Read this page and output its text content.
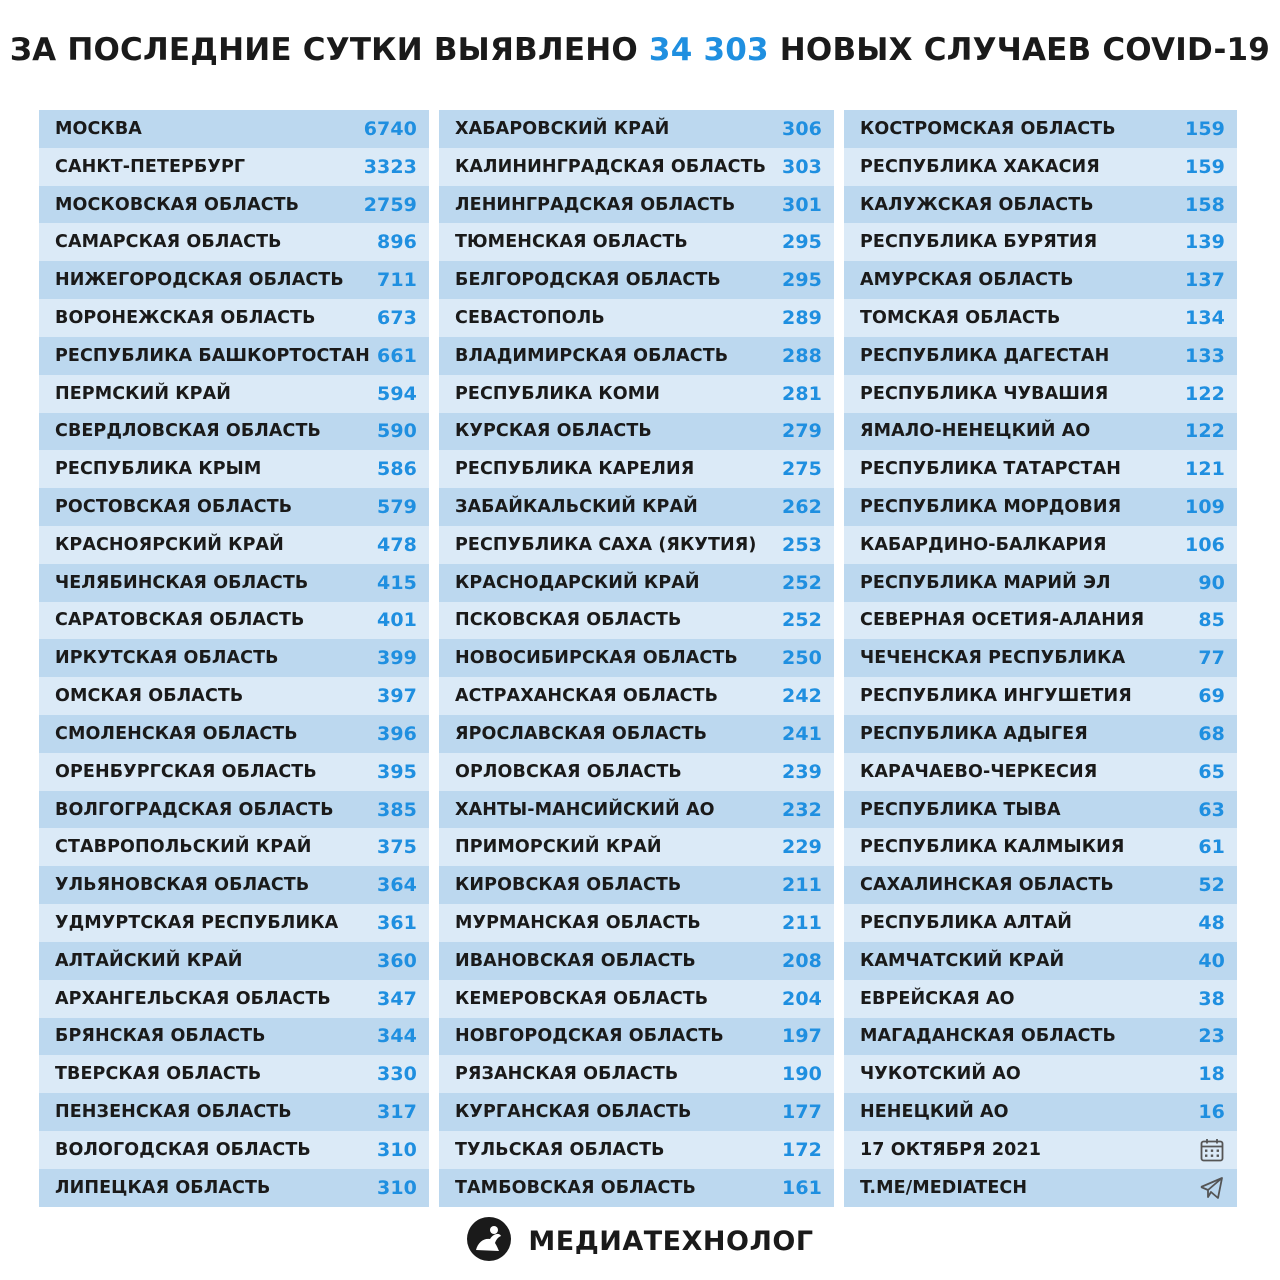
ЗА ПОСЛЕДНИЕ СУТКИ ВЫЯВЛЕНО 34 303 НОВЫХ СЛУЧАЕВ COVID-19
МОСКВА	6740
САНКТ-ПЕТЕРБУРГ	3323
МОСКОВСКАЯ ОБЛАСТЬ	2759
САМАРСКАЯ ОБЛАСТЬ	896
НИЖЕГОРОДСКАЯ ОБЛАСТЬ 711
ВОРОНЕЖСКАЯ ОБЛАСТЬ	673
РЕСПУБЛИКА БАШКОРТОСТАН 661
ПЕРМСКИЙ КРАЙ	594
СВЕРДЛОВСКАЯ ОБЛАСТЬ	590
РЕСПУБЛИКА КРЫМ	586
РОСТОВСКАЯ ОБЛАСТЬ	579
КРАСНОЯРСКИЙ КРАЙ	478
ЧЕЛЯБИНСКАЯ ОБЛАСТЬ	415
САРАТОВСКАЯ ОБЛАСТЬ	401
ИРКУТСКАЯ ОБЛАСТЬ	399
ОМСКАЯ ОБЛАСТЬ	397
СМОЛЕНСКАЯ ОБЛАСТЬ	396
ОРЕНБУРГСКАЯ ОБЛАСТЬ	395
ВОЛГОГРАДСКАЯ ОБЛАСТЬ 385
СТАВРОПОЛЬСКИЙ КРАЙ	375
УЛЬЯНОВСКАЯ ОБЛАСТЬ	364
УДМУРТСКАЯ РЕСПУБЛИКА 361
АЛТАЙСКИЙ КРАЙ	360
АРХАНГЕЛЬСКАЯ ОБЛАСТЬ 347
БРЯНСКАЯ ОБЛАСТЬ	344
ТВЕРСКАЯ ОБЛАСТЬ	330
ПЕНЗЕНСКАЯ ОБЛАСТЬ	317
ВОЛОГОДСКАЯ ОБЛАСТЬ	310
ЛИПЕЦКАЯ ОБЛАСТЬ	310
ХАБАРОВСКИЙ КРАЙ	306
КАЛИНИНГРАДСКАЯ ОБЛАСТЬ 303
ЛЕНИНГРАДСКАЯ ОБЛАСТЬ 301
ТЮМЕНСКАЯ ОБЛАСТЬ	295
БЕЛГОРОДСКАЯ ОБЛАСТЬ	295
СЕВАСТОПОЛЬ	289
ВЛАДИМИРСКАЯ ОБЛАСТЬ	288
РЕСПУБЛИКА КОМИ	281
КУРСКАЯ ОБЛАСТЬ	279
РЕСПУБЛИКА КАРЕЛИЯ	275
ЗАБАЙКАЛЬСКИЙ КРАЙ	262
РЕСПУБЛИКА САХА (ЯКУТИЯ) 253
КРАСНОДАРСКИЙ КРАЙ	252
ПСКОВСКАЯ ОБЛАСТЬ	252
НОВОСИБИРСКАЯ ОБЛАСТЬ 250
АСТРАХАНСКАЯ ОБЛАСТЬ	242
ЯРОСЛАВСКАЯ ОБЛАСТЬ	241
ОРЛОВСКАЯ ОБЛАСТЬ	239
ХАНТЫ-МАНСИЙСКИЙ АО	232
ПРИМОРСКИЙ КРАЙ	229
КИРОВСКАЯ ОБЛАСТЬ	211
МУРМАНСКАЯ ОБЛАСТЬ	211
ИВАНОВСКАЯ ОБЛАСТЬ	208
КЕМЕРОВСКАЯ ОБЛАСТЬ	204
НОВГОРОДСКАЯ ОБЛАСТЬ	197
РЯЗАНСКАЯ ОБЛАСТЬ	190
КУРГАНСКАЯ ОБЛАСТЬ	177
ТУЛЬСКАЯ ОБЛАСТЬ	172
ТАМБОВСКАЯ ОБЛАСТЬ	161
КОСТРОМСКАЯ ОБЛАСТЬ	159
РЕСПУБЛИКА ХАКАСИЯ	159
КАЛУЖСКАЯ ОБЛАСТЬ	158
РЕСПУБЛИКА БУРЯТИЯ	139
АМУРСКАЯ ОБЛАСТЬ	137
ТОМСКАЯ ОБЛАСТЬ	134
РЕСПУБЛИКА ДАГЕСТАН	133
РЕСПУБЛИКА ЧУВАШИЯ	122
ЯМАЛО-НЕНЕЦКИЙ АО	122
РЕСПУБЛИКА ТАТАРСТАН	121
РЕСПУБЛИКА МОРДОВИЯ	109
КАБАРДИНО-БАЛКАРИЯ	106
РЕСПУБЛИКА МАРИЙ ЭЛ	90
СЕВЕРНАЯ ОСЕТИЯ-АЛАНИЯ	85
ЧЕЧЕНСКАЯ РЕСПУБЛИКА	77
РЕСПУБЛИКА ИНГУШЕТИЯ	69
РЕСПУБЛИКА АДЫГЕЯ	68
КАРАЧАЕВО-ЧЕРКЕСИЯ	65
РЕСПУБЛИКА ТЫВА	63
РЕСПУБЛИКА КАЛМЫКИЯ	61
САХАЛИНСКАЯ ОБЛАСТЬ	52
РЕСПУБЛИКА АЛТАЙ	48
КАМЧАТСКИЙ КРАЙ	40
ЕВРЕЙСКАЯ АО	38
МАГАДАНСКАЯ ОБЛАСТЬ	23
ЧУКОТСКИЙ АО	18
НЕНЕЦКИЙ АО	16
17 ОКТЯБРЯ 2021
T.ME/MEDIATECH
МЕДИАТЕХНОЛОГ
